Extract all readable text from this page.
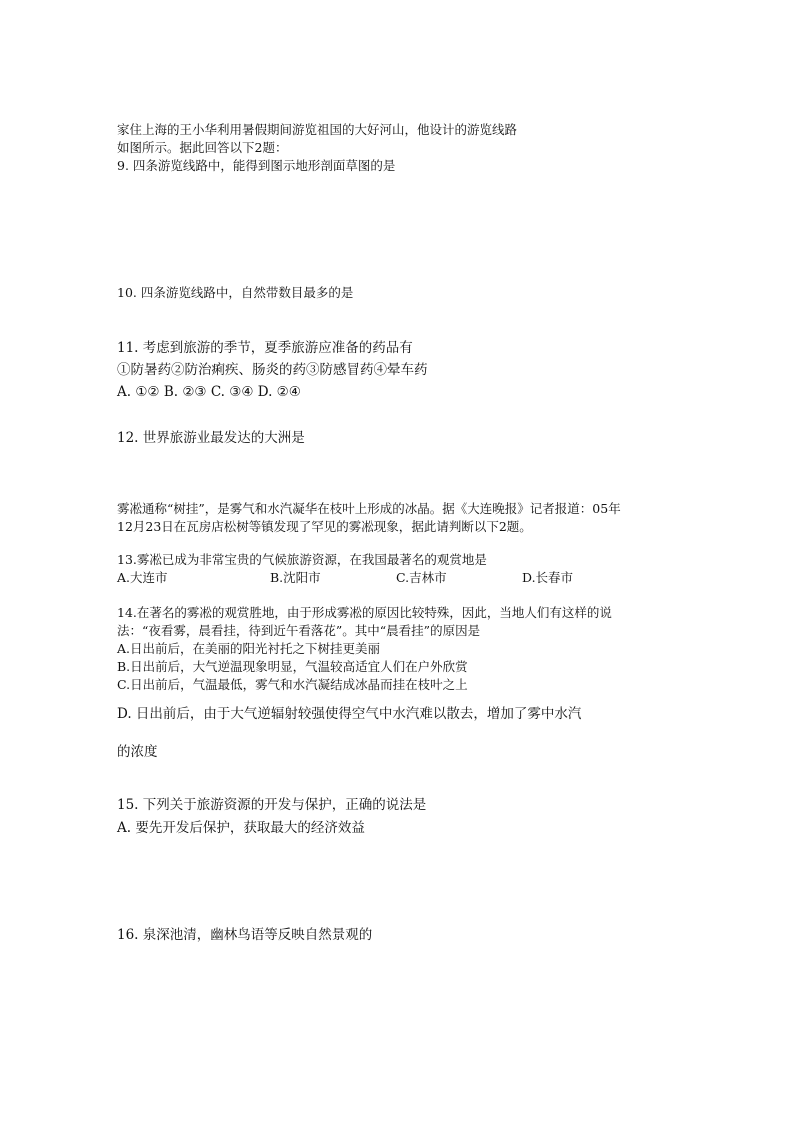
家住上海的王小华利用暑假期间游览祖国的大好河山，他设计的游览线路
如图所示。据此回答以下2题：
9. 四条游览线路中，能得到图示地形剖面草图的是
10. 四条游览线路中，自然带数目最多的是
11. 考虑到旅游的季节，夏季旅游应准备的药品有
①防暑药②防治痢疾、肠炎的药③防感冒药④晕车药
A. ①② B. ②③ C. ③④ D. ②④
12. 世界旅游业最发达的大洲是
雾凇通称“树挂”，是雾气和水汽凝华在枝叶上形成的冰晶。据《大连晚报》记者报道：05年
12月23日在瓦房店松树等镇发现了罕见的雾凇现象，据此请判断以下2题。
13.雾凇已成为非常宝贵的气候旅游资源，在我国最著名的观赏地是
A.大连市	B.沈阳市	C.吉林市	D.长春市
14.在著名的雾凇的观赏胜地，由于形成雾凇的原因比较特殊，因此，当地人们有这样的说
法：“夜看雾，晨看挂，待到近午看落花”。其中“晨看挂”的原因是
A.日出前后，在美丽的阳光衬托之下树挂更美丽
B.日出前后，大气逆温现象明显，气温较高适宜人们在户外欣赏
C.日出前后，气温最低，雾气和水汽凝结成冰晶而挂在枝叶之上
D. 日出前后，由于大气逆辐射较强使得空气中水汽难以散去，增加了雾中水汽
的浓度
15. 下列关于旅游资源的开发与保护，正确的说法是
A. 要先开发后保护，获取最大的经济效益
16. 泉深池清，幽林鸟语等反映自然景观的
